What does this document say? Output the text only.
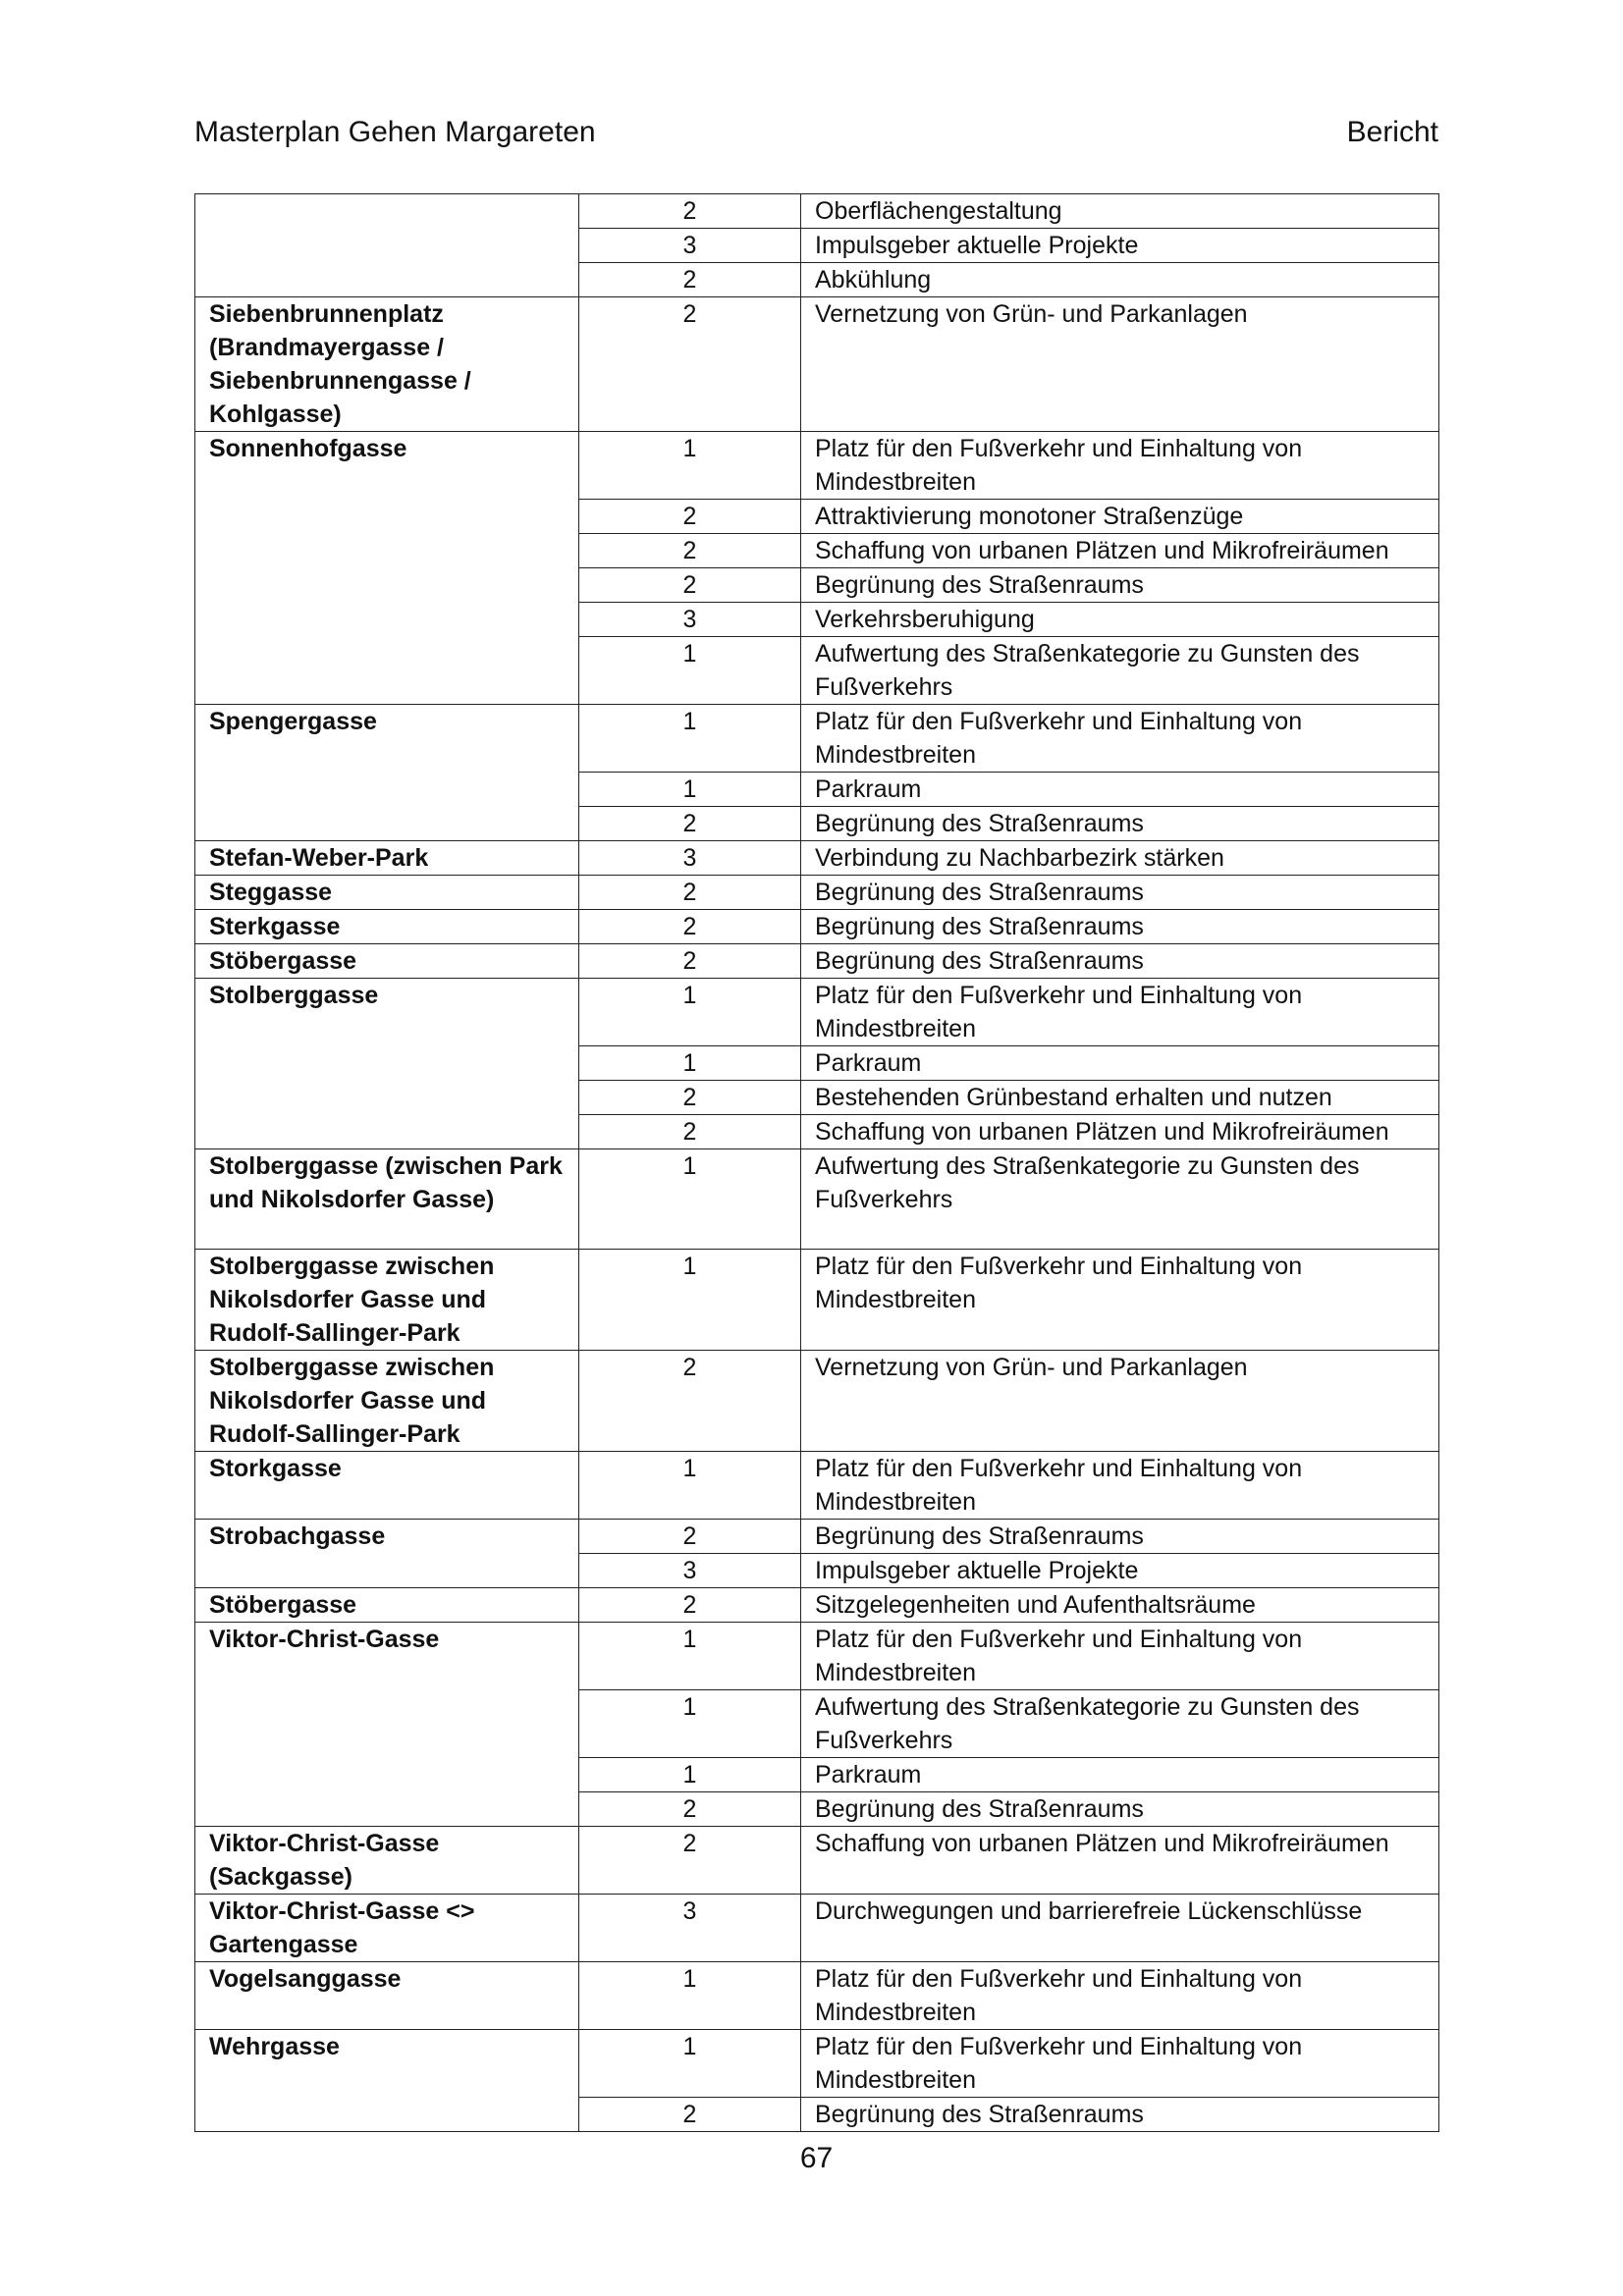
Masterplan Gehen Margareten	Bericht
	2	Oberflächengestaltung
	3	Impulsgeber aktuelle Projekte
	2	Abkühlung
Siebenbrunnenplatz (Brandmayergasse / Siebenbrunnengasse / Kohlgasse)	2	Vernetzung von Grün- und Parkanlagen
Sonnenhofgasse	1	Platz für den Fußverkehr und Einhaltung von Mindestbreiten
	2	Attraktivierung monotoner Straßenzüge
	2	Schaffung von urbanen Plätzen und Mikrofreiräumen
	2	Begrünung des Straßenraums
	3	Verkehrsberuhigung
	1	Aufwertung des Straßenkategorie zu Gunsten des Fußverkehrs
Spengergasse	1	Platz für den Fußverkehr und Einhaltung von Mindestbreiten
	1	Parkraum
	2	Begrünung des Straßenraums
Stefan-Weber-Park	3	Verbindung zu Nachbarbezirk stärken
Steggasse	2	Begrünung des Straßenraums
Sterkgasse	2	Begrünung des Straßenraums
Stöbergasse	2	Begrünung des Straßenraums
Stolberggasse	1	Platz für den Fußverkehr und Einhaltung von Mindestbreiten
	1	Parkraum
	2	Bestehenden Grünbestand erhalten und nutzen
	2	Schaffung von urbanen Plätzen und Mikrofreiräumen
Stolberggasse (zwischen Park und Nikolsdorfer Gasse)	1	Aufwertung des Straßenkategorie zu Gunsten des Fußverkehrs
Stolberggasse zwischen Nikolsdorfer Gasse und Rudolf-Sallinger-Park	1	Platz für den Fußverkehr und Einhaltung von Mindestbreiten
Stolberggasse zwischen Nikolsdorfer Gasse und Rudolf-Sallinger-Park	2	Vernetzung von Grün- und Parkanlagen
Storkgasse	1	Platz für den Fußverkehr und Einhaltung von Mindestbreiten
Strobachgasse	2	Begrünung des Straßenraums
	3	Impulsgeber aktuelle Projekte
Stöbergasse	2	Sitzgelegenheiten und Aufenthaltsräume
Viktor-Christ-Gasse	1	Platz für den Fußverkehr und Einhaltung von Mindestbreiten
	1	Aufwertung des Straßenkategorie zu Gunsten des Fußverkehrs
	1	Parkraum
	2	Begrünung des Straßenraums
Viktor-Christ-Gasse (Sackgasse)	2	Schaffung von urbanen Plätzen und Mikrofreiräumen
Viktor-Christ-Gasse <> Gartengasse	3	Durchwegungen und barrierefreie Lückenschlüsse
Vogelsanggasse	1	Platz für den Fußverkehr und Einhaltung von Mindestbreiten
Wehrgasse	1	Platz für den Fußverkehr und Einhaltung von Mindestbreiten
	2	Begrünung des Straßenraums
67
